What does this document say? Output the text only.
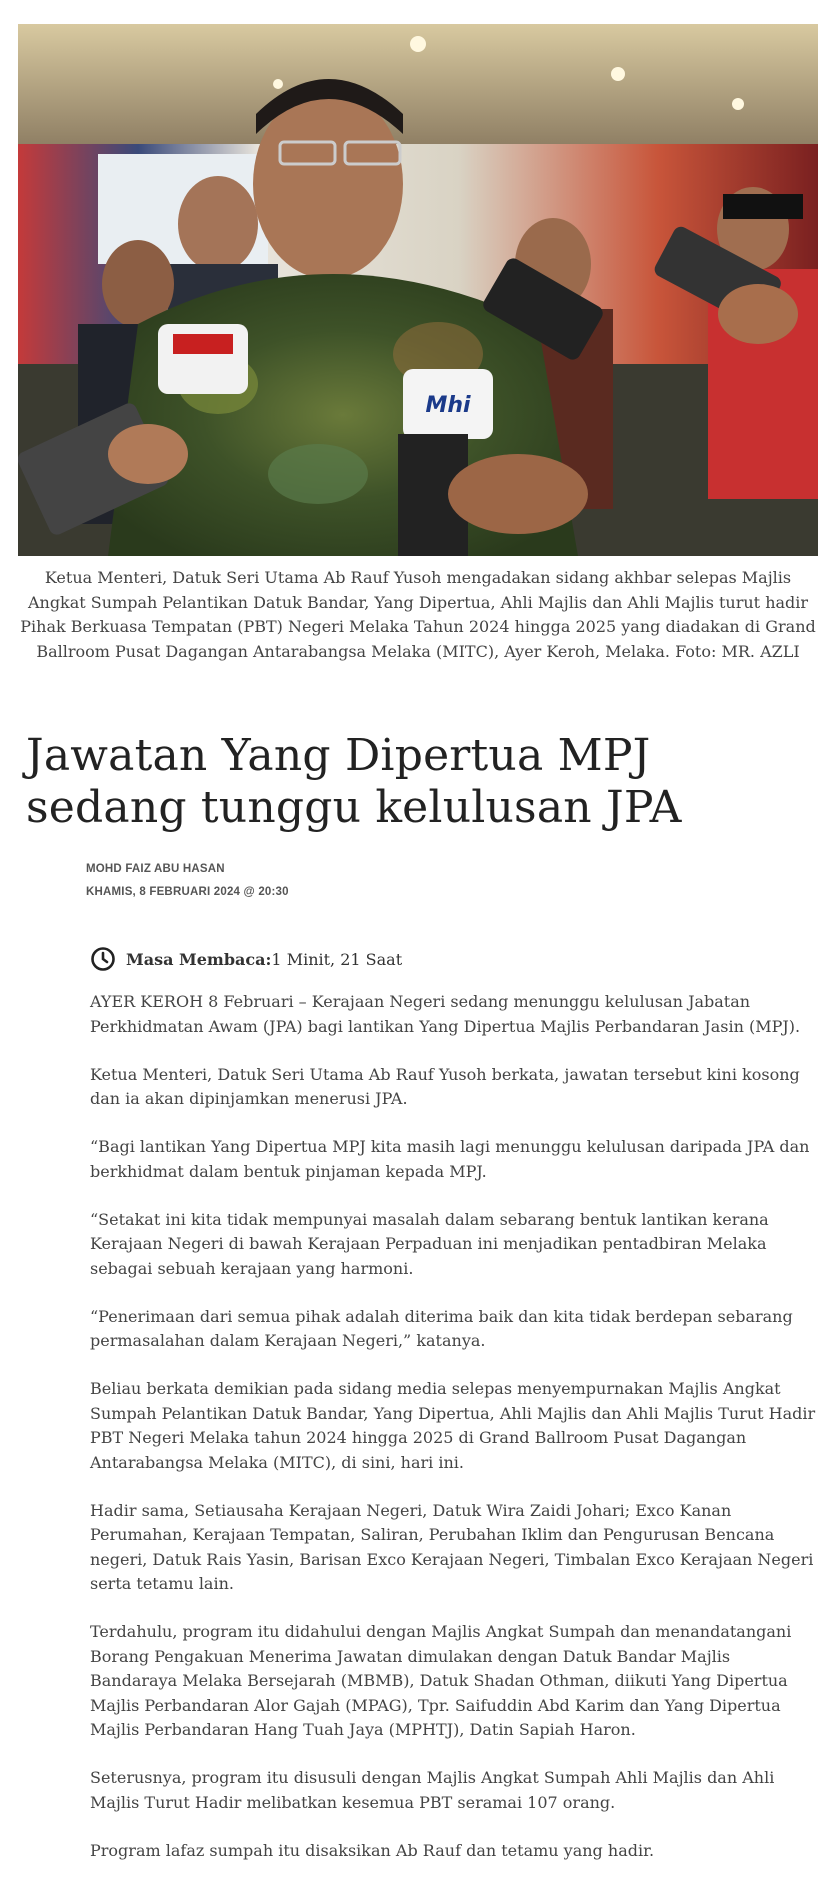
Mhi
Ketua Menteri, Datuk Seri Utama Ab Rauf Yusoh mengadakan sidang akhbar selepas Majlis Angkat Sumpah Pelantikan Datuk Bandar, Yang Dipertua, Ahli Majlis dan Ahli Majlis turut hadir Pihak Berkuasa Tempatan (PBT) Negeri Melaka Tahun 2024 hingga 2025 yang diadakan di Grand Ballroom Pusat Dagangan Antarabangsa Melaka (MITC), Ayer Keroh, Melaka. Foto: MR. AZLI
Jawatan Yang Dipertua MPJ sedang tunggu kelulusan JPA
MOHD FAIZ ABU HASAN
KHAMIS, 8 FEBRUARI 2024 @ 20:30
Masa Membaca: 1 Minit, 21 Saat

AYER KEROH 8 Februari – Kerajaan Negeri sedang menunggu kelulusan Jabatan Perkhidmatan Awam (JPA) bagi lantikan Yang Dipertua Majlis Perbandaran Jasin (MPJ).

Ketua Menteri, Datuk Seri Utama Ab Rauf Yusoh berkata, jawatan tersebut kini kosong dan ia akan dipinjamkan menerusi JPA.

“Bagi lantikan Yang Dipertua MPJ kita masih lagi menunggu kelulusan daripada JPA dan berkhidmat dalam bentuk pinjaman kepada MPJ.

“Setakat ini kita tidak mempunyai masalah dalam sebarang bentuk lantikan kerana Kerajaan Negeri di bawah Kerajaan Perpaduan ini menjadikan pentadbiran Melaka sebagai sebuah kerajaan yang harmoni.

“Penerimaan dari semua pihak adalah diterima baik dan kita tidak berdepan sebarang permasalahan dalam Kerajaan Negeri,” katanya.

Beliau berkata demikian pada sidang media selepas menyempurnakan Majlis Angkat Sumpah Pelantikan Datuk Bandar, Yang Dipertua, Ahli Majlis dan Ahli Majlis Turut Hadir PBT Negeri Melaka tahun 2024 hingga 2025 di Grand Ballroom Pusat Dagangan Antarabangsa Melaka (MITC), di sini, hari ini.

Hadir sama, Setiausaha Kerajaan Negeri, Datuk Wira Zaidi Johari; Exco Kanan Perumahan, Kerajaan Tempatan, Saliran, Perubahan Iklim dan Pengurusan Bencana negeri, Datuk Rais Yasin, Barisan Exco Kerajaan Negeri, Timbalan Exco Kerajaan Negeri serta tetamu lain.

Terdahulu, program itu didahului dengan Majlis Angkat Sumpah dan menandatangani Borang Pengakuan Menerima Jawatan dimulakan dengan Datuk Bandar Majlis Bandaraya Melaka Bersejarah (MBMB), Datuk Shadan Othman, diikuti Yang Dipertua Majlis Perbandaran Alor Gajah (MPAG), Tpr. Saifuddin Abd Karim dan Yang Dipertua Majlis Perbandaran Hang Tuah Jaya (MPHTJ), Datin Sapiah Haron.

Seterusnya, program itu disusuli dengan Majlis Angkat Sumpah Ahli Majlis dan Ahli Majlis Turut Hadir melibatkan kesemua PBT seramai 107 orang.

Program lafaz sumpah itu disaksikan Ab Rauf dan tetamu yang hadir.
